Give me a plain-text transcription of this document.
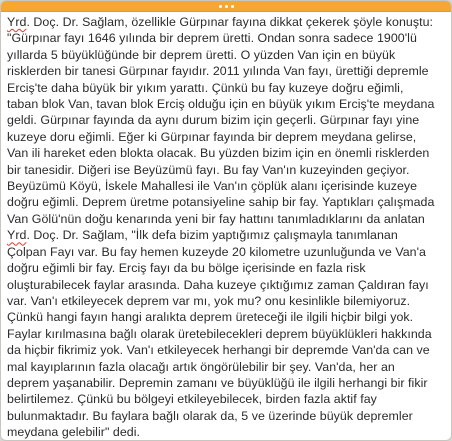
Yrd. Doç. Dr. Sağlam, özellikle Gürpınar fayına dikkat çekerek şöyle konuştu:
"Gürpınar fayı 1646 yılında bir deprem üretti. Ondan sonra sadece 1900'lü
yıllarda 5 büyüklüğünde bir deprem üretti. O yüzden Van için en büyük
risklerden bir tanesi Gürpınar fayıdır. 2011 yılında Van fayı, ürettiği depremle
Erciş'te daha büyük bir yıkım yarattı. Çünkü bu fay kuzeye doğru eğimli,
taban blok Van, tavan blok Erciş olduğu için en büyük yıkım Erciş'te meydana
geldi. Gürpınar fayında da aynı durum bizim için geçerli. Gürpınar fayı yine
kuzeye doru eğimli. Eğer ki Gürpınar fayında bir deprem meydana gelirse,
Van ili hareket eden blokta olacak. Bu yüzden bizim için en önemli risklerden
bir tanesidir. Diğeri ise Beyüzümü fayı. Bu fay Van'ın kuzeyinden geçiyor.
Beyüzümü Köyü, İskele Mahallesi ile Van'ın çöplük alanı içerisinde kuzeye
doğru eğimli. Deprem üretme potansiyeline sahip bir fay. Yaptıkları çalışmada
Van Gölü'nün doğu kenarında yeni bir fay hattını tanımladıklarını da anlatan
Yrd. Doç. Dr. Sağlam, "İlk defa bizim yaptığımız çalışmayla tanımlanan
Çolpan Fayı var. Bu fay hemen kuzeyde 20 kilometre uzunluğunda ve Van'a
doğru eğimli bir fay. Erciş fayı da bu bölge içerisinde en fazla risk
oluşturabilecek faylar arasında. Daha kuzeye çıktığımız zaman Çaldıran fayı
var. Van'ı etkileyecek deprem var mı, yok mu? onu kesinlikle bilemiyoruz.
Çünkü hangi fayın hangi aralıkta deprem üreteceği ile ilgili hiçbir bilgi yok.
Faylar kırılmasına bağlı olarak üretebilecekleri deprem büyüklükleri hakkında
da hiçbir fikrimiz yok. Van'ı etkileyecek herhangi bir depremde Van'da can ve
mal kayıplarının fazla olacağı artık öngörülebilir bir şey. Van'da, her an
deprem yaşanabilir. Depremin zamanı ve büyüklüğü ile ilgili herhangi bir fikir
belirtilemez. Çünkü bu bölgeyi etkileyebilecek, birden fazla aktif fay
bulunmaktadır. Bu faylara bağlı olarak da, 5 ve üzerinde büyük depremler
meydana gelebilir" dedi.
